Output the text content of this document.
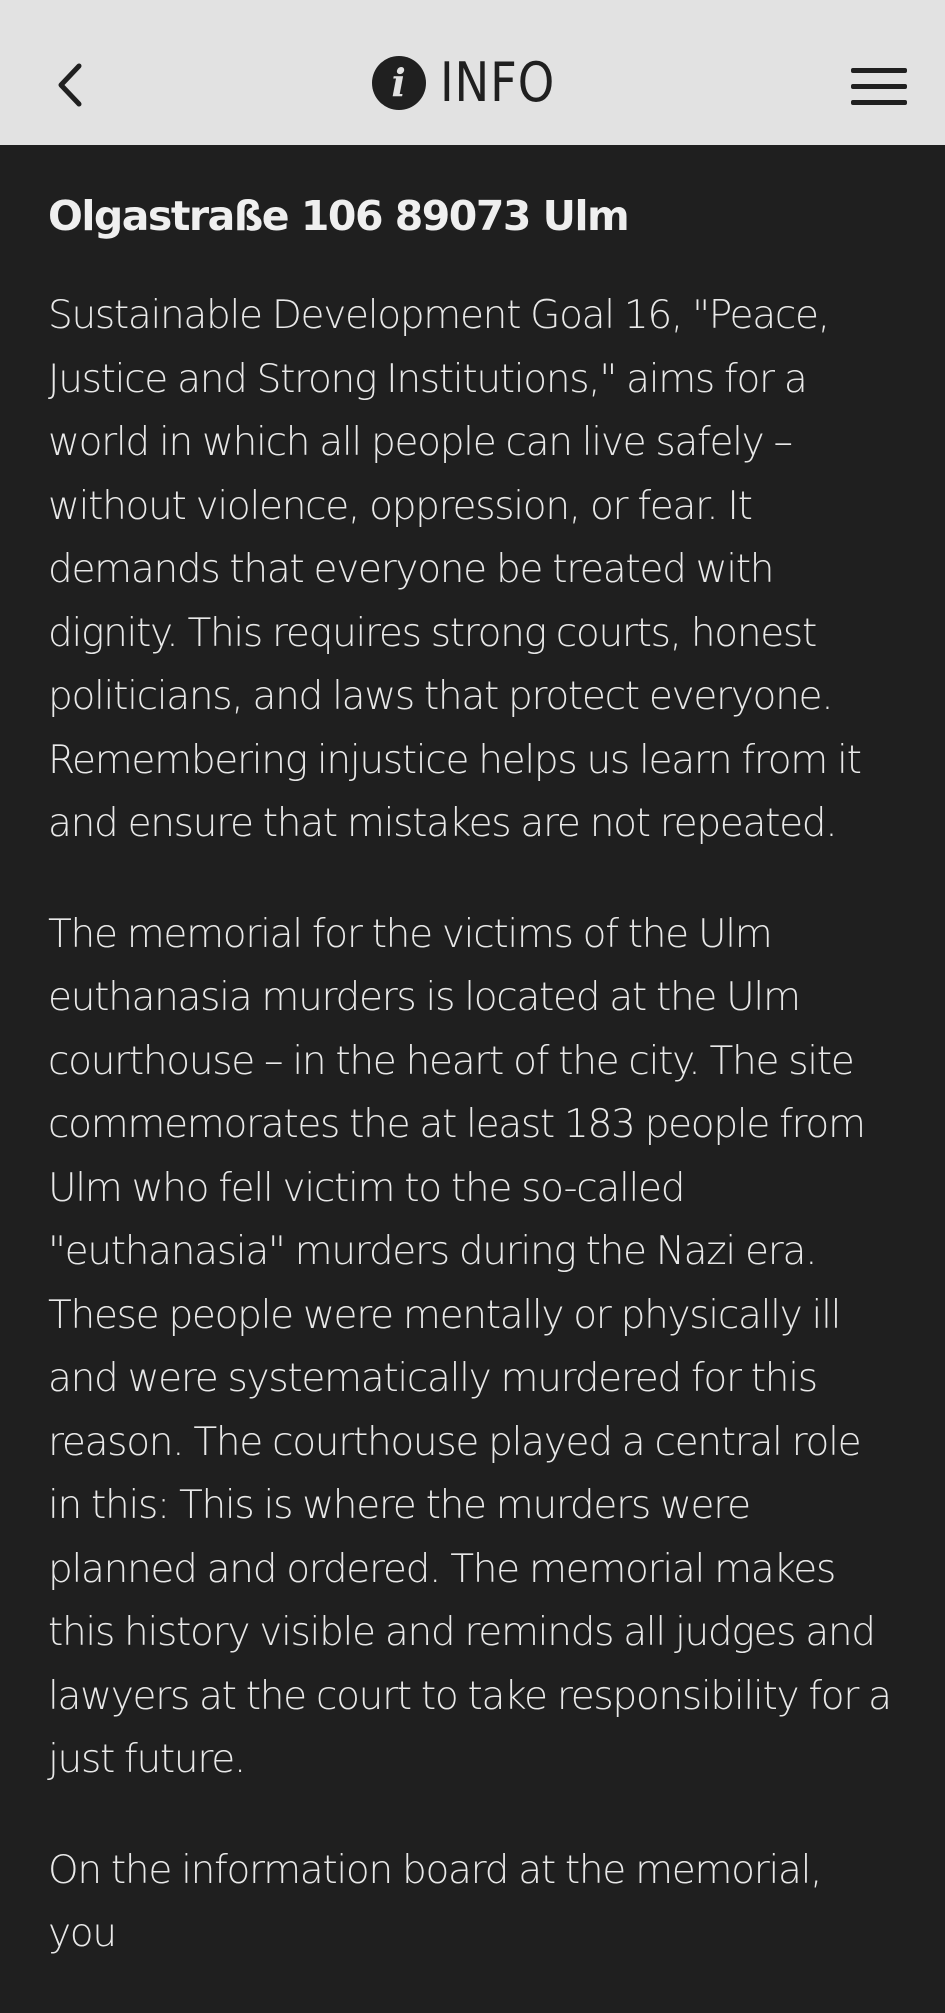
i INFO
Olgastraße 106 89073 Ulm

Sustainable Development Goal 16, "Peace, Justice and Strong Institutions," aims for a world in which all people can live safely – without violence, oppression, or fear. It demands that everyone be treated with dignity. This requires strong courts, honest politicians, and laws that protect everyone. Remembering injustice helps us learn from it and ensure that mistakes are not repeated.

The memorial for the victims of the Ulm euthanasia murders is located at the Ulm courthouse – in the heart of the city. The site commemorates the at least 183 people from Ulm who fell victim to the so-called "euthanasia" murders during the Nazi era. These people were mentally or physically ill and were systematically murdered for this reason. The courthouse played a central role in this: This is where the murders were planned and ordered. The memorial makes this history visible and reminds all judges and lawyers at the court to take responsibility for a just future.

On the information board at the memorial, you
